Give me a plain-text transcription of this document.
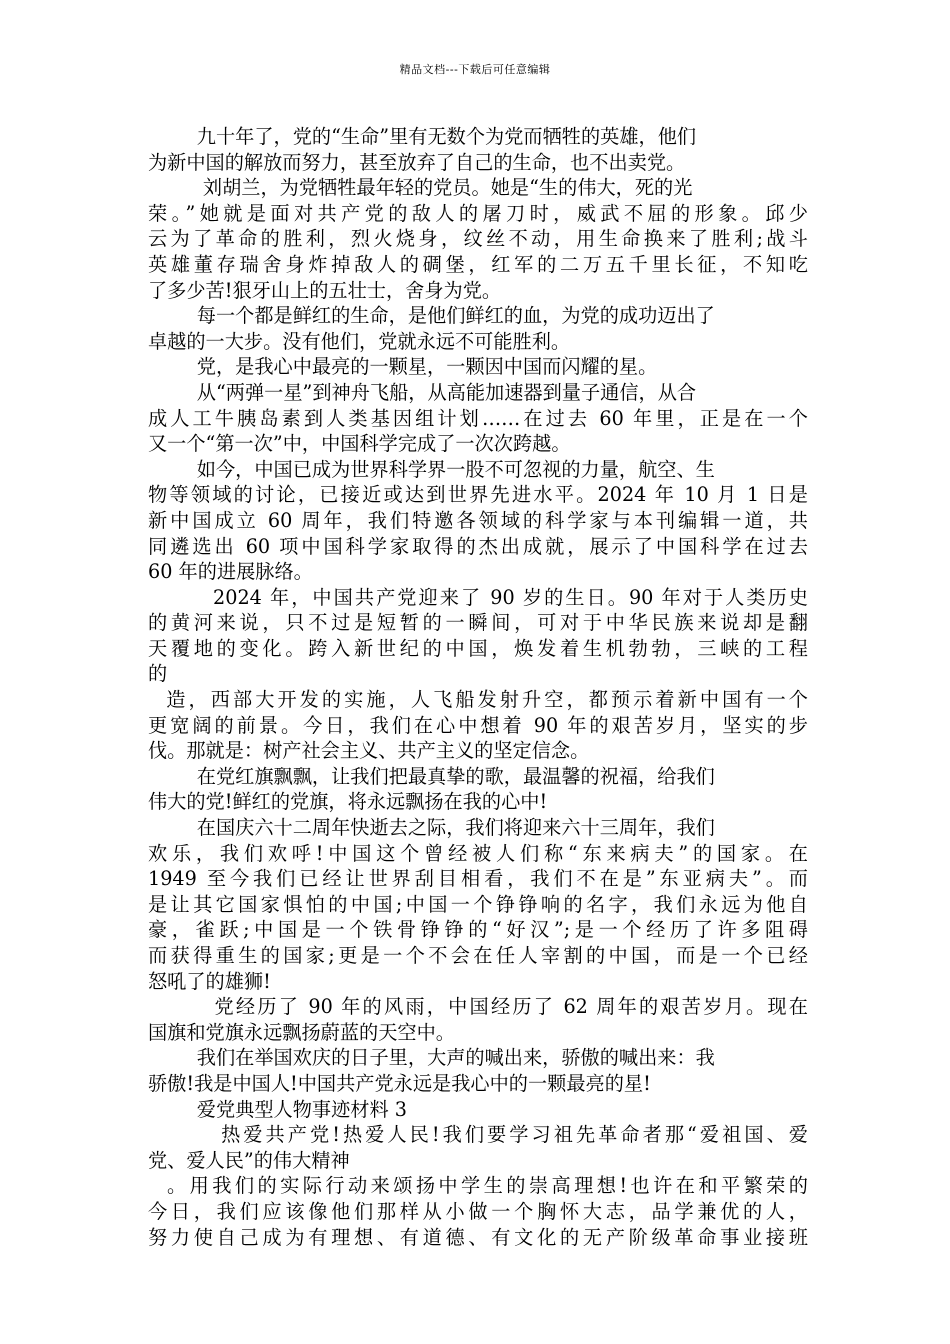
精品文档---下载后可任意编辑
九十年了，党的“生命”里有无数个为党而牺牲的英雄，他们
为新中国的解放而努力，甚至放弃了自己的生命，也不出卖党。
刘胡兰，为党牺牲最年轻的党员。她是“生的伟大，死的光
荣。”她就是面对共产党的敌人的屠刀时，威武不屈的形象。邱少
云为了革命的胜利，烈火烧身，纹丝不动，用生命换来了胜利;战斗
英雄董存瑞舍身炸掉敌人的碉堡，红军的二万五千里长征，不知吃
了多少苦!狠牙山上的五壮士，舍身为党。
每一个都是鲜红的生命，是他们鲜红的血，为党的成功迈出了
卓越的一大步。没有他们，党就永远不可能胜利。
党，是我心中最亮的一颗星，一颗因中国而闪耀的星。
从“两弹一星”到神舟飞船，从高能加速器到量子通信，从合
成人工牛胰岛素到人类基因组计划……在过去 60 年里，正是在一个
又一个“第一次”中，中国科学完成了一次次跨越。
如今，中国已成为世界科学界一股不可忽视的力量，航空、生
物等领域的讨论，已接近或达到世界先进水平。2024 年 10 月 1 日是
新中国成立 60 周年，我们特邀各领域的科学家与本刊编辑一道，共
同遴选出 60 项中国科学家取得的杰出成就，展示了中国科学在过去
60 年的进展脉络。
2024 年，中国共产党迎来了 90 岁的生日。90 年对于人类历史
的黄河来说，只不过是短暂的一瞬间，可对于中华民族来说却是翻
天覆地的变化。跨入新世纪的中国，焕发着生机勃勃，三峡的工程
的
造，西部大开发的实施，人飞船发射升空，都预示着新中国有一个
更宽阔的前景。今日，我们在心中想着 90 年的艰苦岁月，坚实的步
伐。那就是：树产社会主义、共产主义的坚定信念。
在党红旗飘飘，让我们把最真挚的歌，最温馨的祝福，给我们
伟大的党!鲜红的党旗，将永远飘扬在我的心中!
在国庆六十二周年快逝去之际，我们将迎来六十三周年，我们
欢乐，我们欢呼!中国这个曾经被人们称“东来病夫”的国家。在
1949 至今我们已经让世界刮目相看，我们不在是”东亚病夫”。而
是让其它国家惧怕的中国;中国一个铮铮响的名字，我们永远为他自
豪，雀跃;中国是一个铁骨铮铮的“好汉”;是一个经历了许多阻碍
而获得重生的国家;更是一个不会在任人宰割的中国，而是一个已经
怒吼了的雄狮!
党经历了 90 年的风雨，中国经历了 62 周年的艰苦岁月。现在
国旗和党旗永远飘扬蔚蓝的天空中。
我们在举国欢庆的日子里，大声的喊出来，骄傲的喊出来：我
骄傲!我是中国人!中国共产党永远是我心中的一颗最亮的星!
爱党典型人物事迹材料 3
热爱共产党!热爱人民!我们要学习祖先革命者那“爱祖国、爱
党、爱人民”的伟大精神
。用我们的实际行动来颂扬中学生的崇高理想!也许在和平繁荣的
今日，我们应该像他们那样从小做一个胸怀大志，品学兼优的人，
努力使自己成为有理想、有道德、有文化的无产阶级革命事业接班
